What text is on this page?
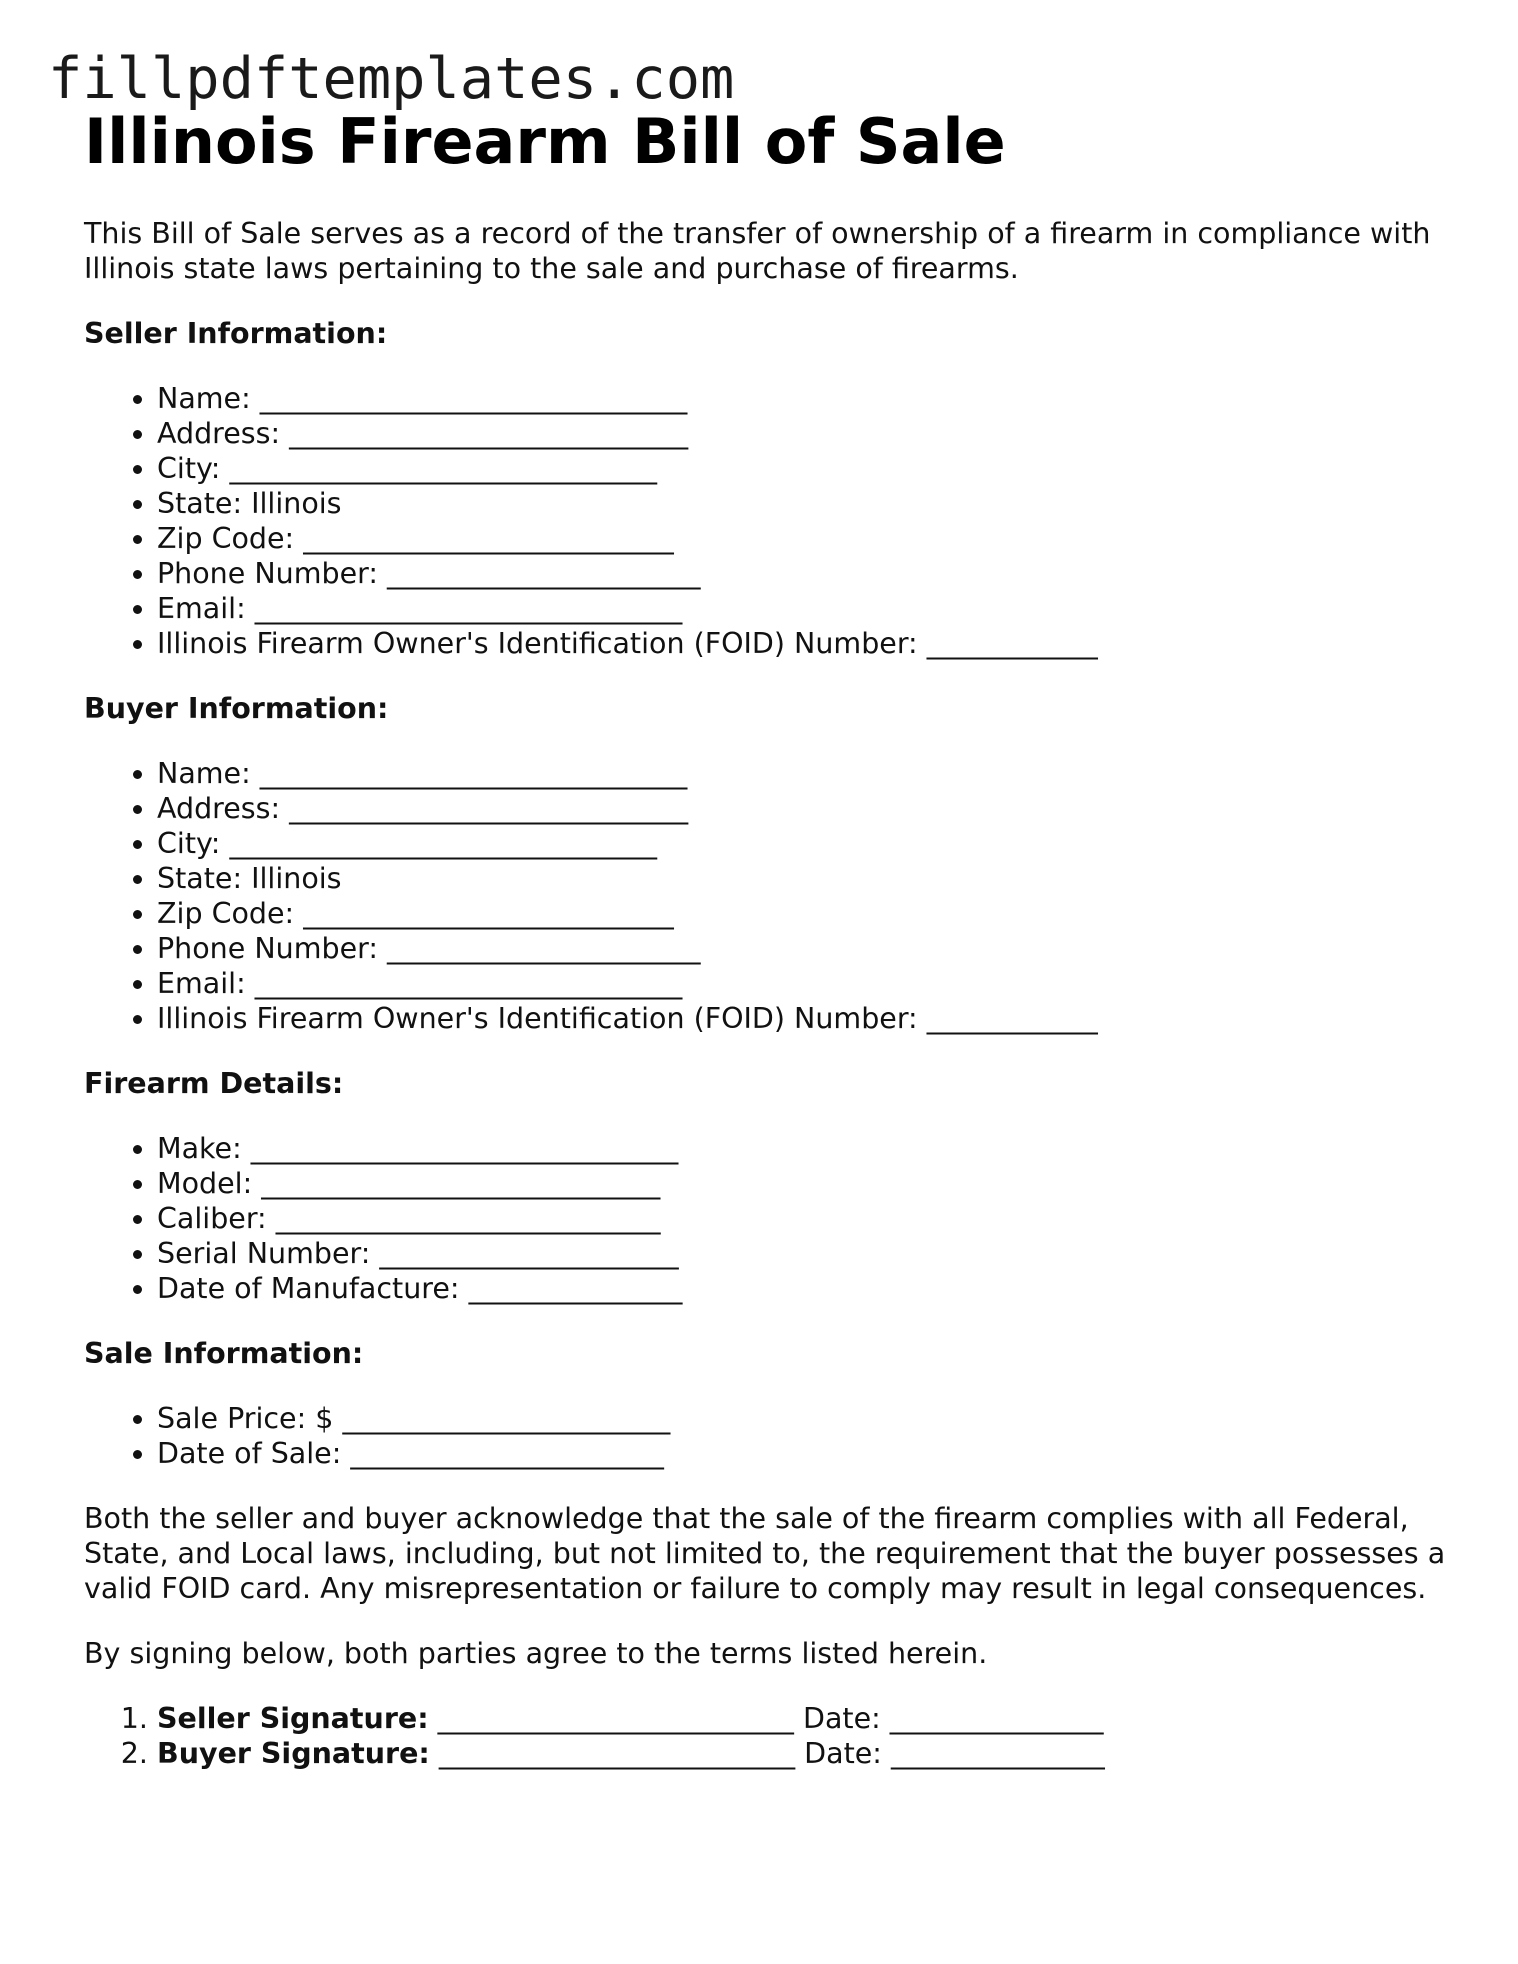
fillpdftemplates.com
Illinois Firearm Bill of Sale

This Bill of Sale serves as a record of the transfer of ownership of a firearm in compliance with Illinois state laws pertaining to the sale and purchase of firearms.

Seller Information:
• Name: ______________________________
• Address: ____________________________
• City: ______________________________
• State: Illinois
• Zip Code: __________________________
• Phone Number: ______________________
• Email: ______________________________
• Illinois Firearm Owner's Identification (FOID) Number: ____________
Buyer Information:
• Name: ______________________________
• Address: ____________________________
• City: ______________________________
• State: Illinois
• Zip Code: __________________________
• Phone Number: ______________________
• Email: ______________________________
• Illinois Firearm Owner's Identification (FOID) Number: ____________
Firearm Details:
• Make: ______________________________
• Model: ____________________________
• Caliber: ___________________________
• Serial Number: _____________________
• Date of Manufacture: _______________
Sale Information:
• Sale Price: $ _______________________
• Date of Sale: ______________________

Both the seller and buyer acknowledge that the sale of the firearm complies with all Federal, State, and Local laws, including, but not limited to, the requirement that the buyer possesses a valid FOID card. Any misrepresentation or failure to comply may result in legal consequences.

By signing below, both parties agree to the terms listed herein.

1. Seller Signature: _________________________ Date: _______________
2. Buyer Signature: _________________________ Date: _______________
